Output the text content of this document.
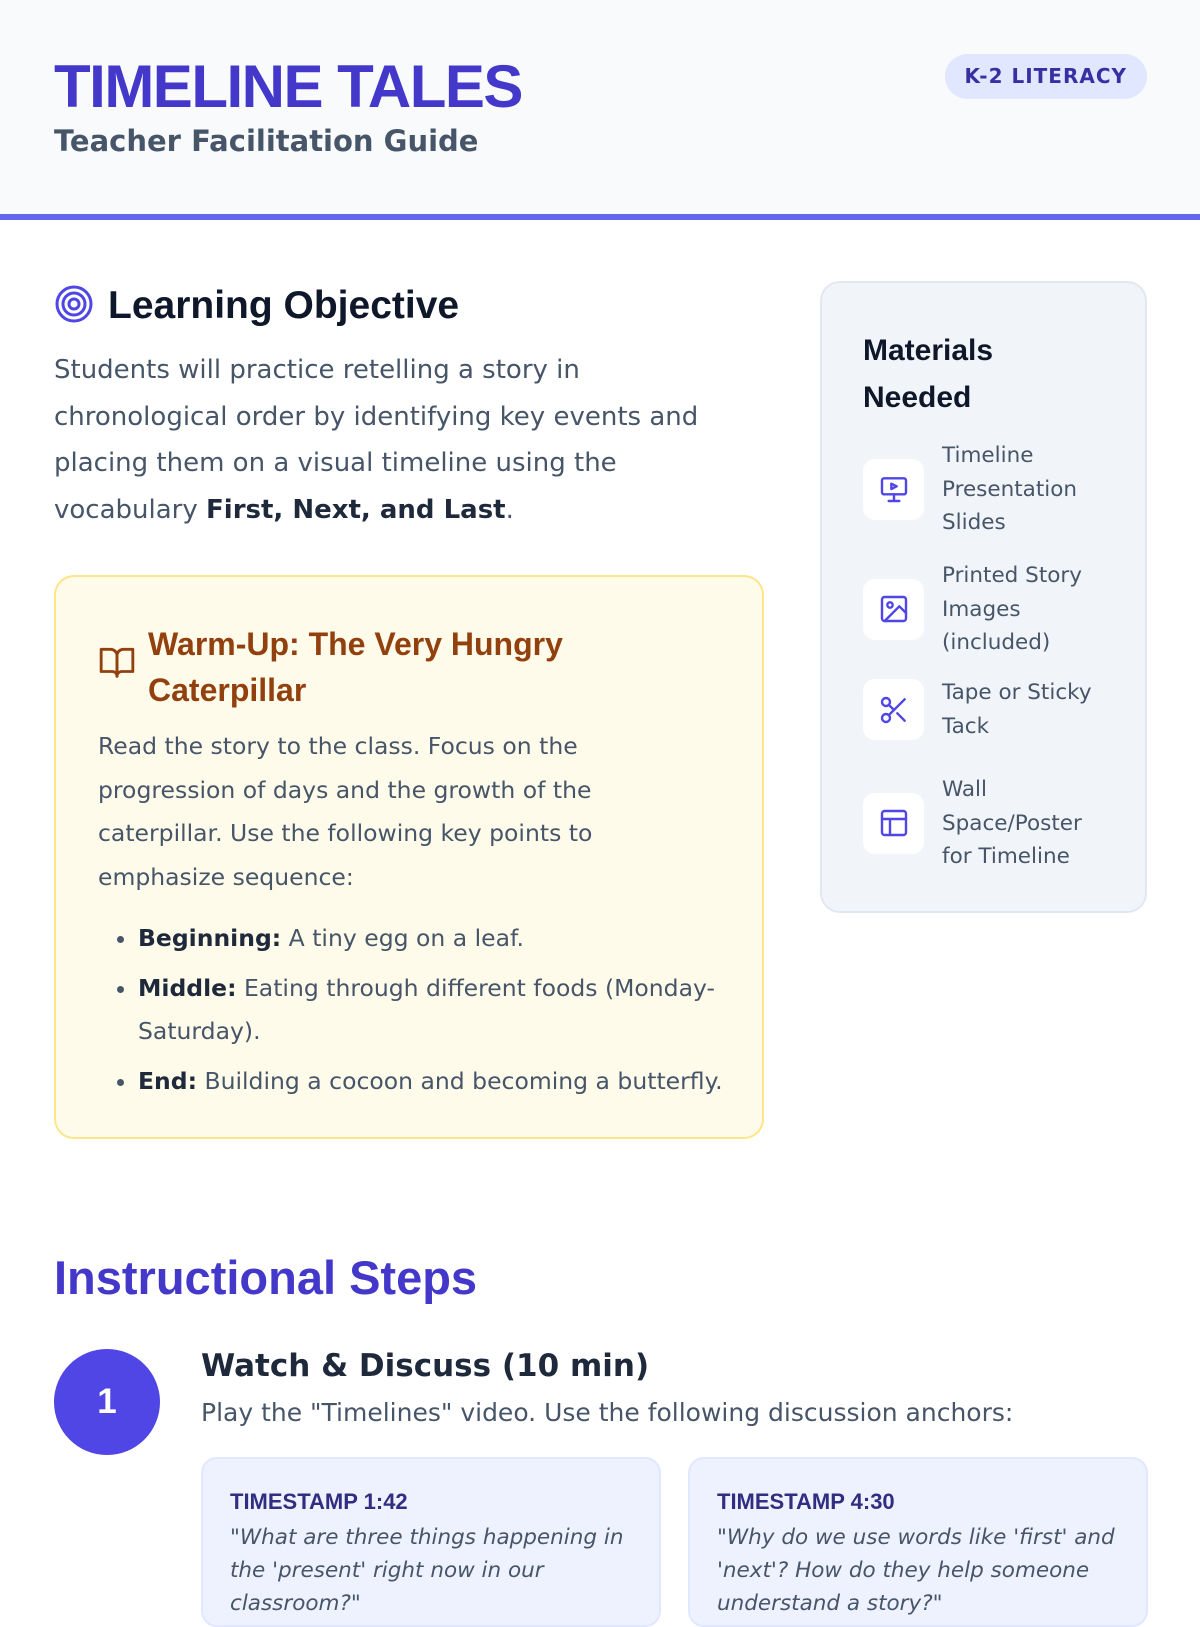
TIMELINE TALES
Teacher Facilitation Guide
K-2 LITERACY
Learning Objective

Students will practice retelling a story in chronological order by identifying key events and placing them on a visual timeline using the vocabulary First, Next, and Last.

Warm-Up: The Very Hungry Caterpillar

Read the story to the class. Focus on the progression of days and the growth of the caterpillar. Use the following key points to emphasize sequence:

• Beginning: A tiny egg on a leaf.
• Middle: Eating through different foods (Monday-Saturday).
• End: Building a cocoon and becoming a butterfly.
Materials Needed
Timeline Presentation Slides
Printed Story Images (included)
Tape or Sticky Tack
Wall Space/Poster for Timeline
Instructional Steps
1
Watch & Discuss (10 min)
Play the "Timelines" video. Use the following discussion anchors:
TIMESTAMP 1:42
"What are three things happening in the 'present' right now in our classroom?"
TIMESTAMP 4:30
"Why do we use words like 'first' and 'next'? How do they help someone understand a story?"
